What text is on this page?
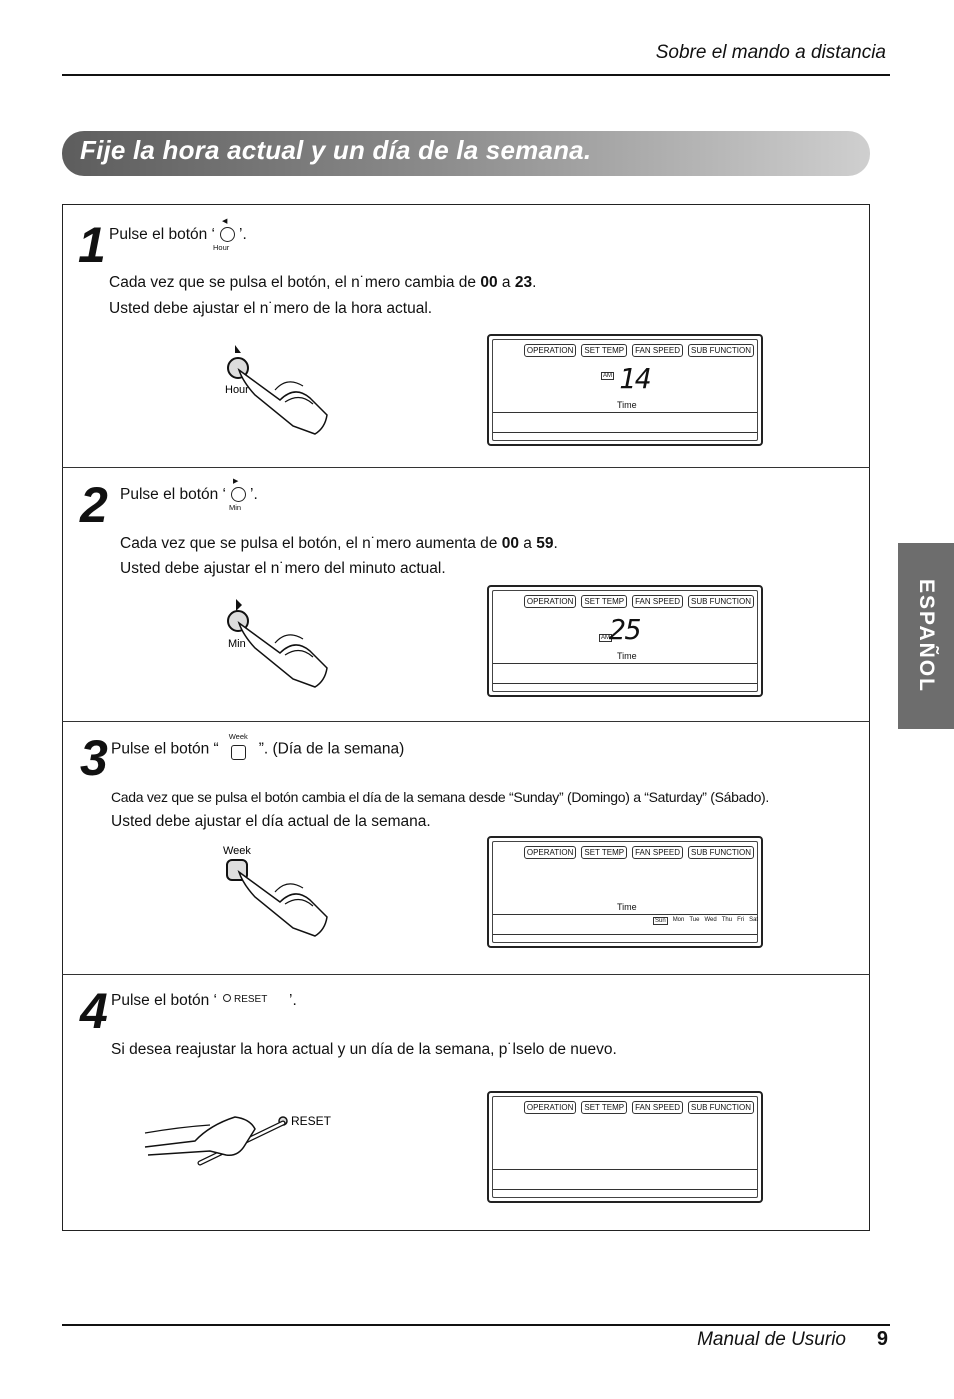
Sobre el mando a distancia
Fije la hora actual y un día de la semana.
ESPAÑOL
1 Pulse el botón ‘
◀
Hour
’.
Cada vez que se pulsa el botón, el n˙mero cambia de 00 a 23.
Usted debe ajustar el n˙mero de la hora actual.
Hour
OPERATION	SET TEMP	FAN SPEED	SUB FUNCTION
AM 14
Time
2 Pulse el botón ‘
▶
Min
’.
Cada vez que se pulsa el botón, el n˙mero aumenta de 00 a 59.
Usted debe ajustar el n˙mero del minuto actual.
Min
OPERATION	SET TEMP	FAN SPEED	SUB FUNCTION
AM 25
Time
3 Pulse el botón “
Week
”. (Día de la semana)
Cada vez que se pulsa el botón cambia el día de la semana desde “Sunday” (Domingo) a “Saturday” (Sábado).
Usted debe ajustar el día actual de la semana.
Week	OPERATION	SET TEMP	FAN SPEED	SUB FUNCTION
Time
Sun	Mon Tue Wed Thu Fri Sat
4 Pulse el botón ‘ RESET ’.
Si desea reajustar la hora actual y un día de la semana, p˙lselo de nuevo.
RESET
OPERATION	SET TEMP	FAN SPEED	SUB FUNCTION
Manual de Usurio 9
